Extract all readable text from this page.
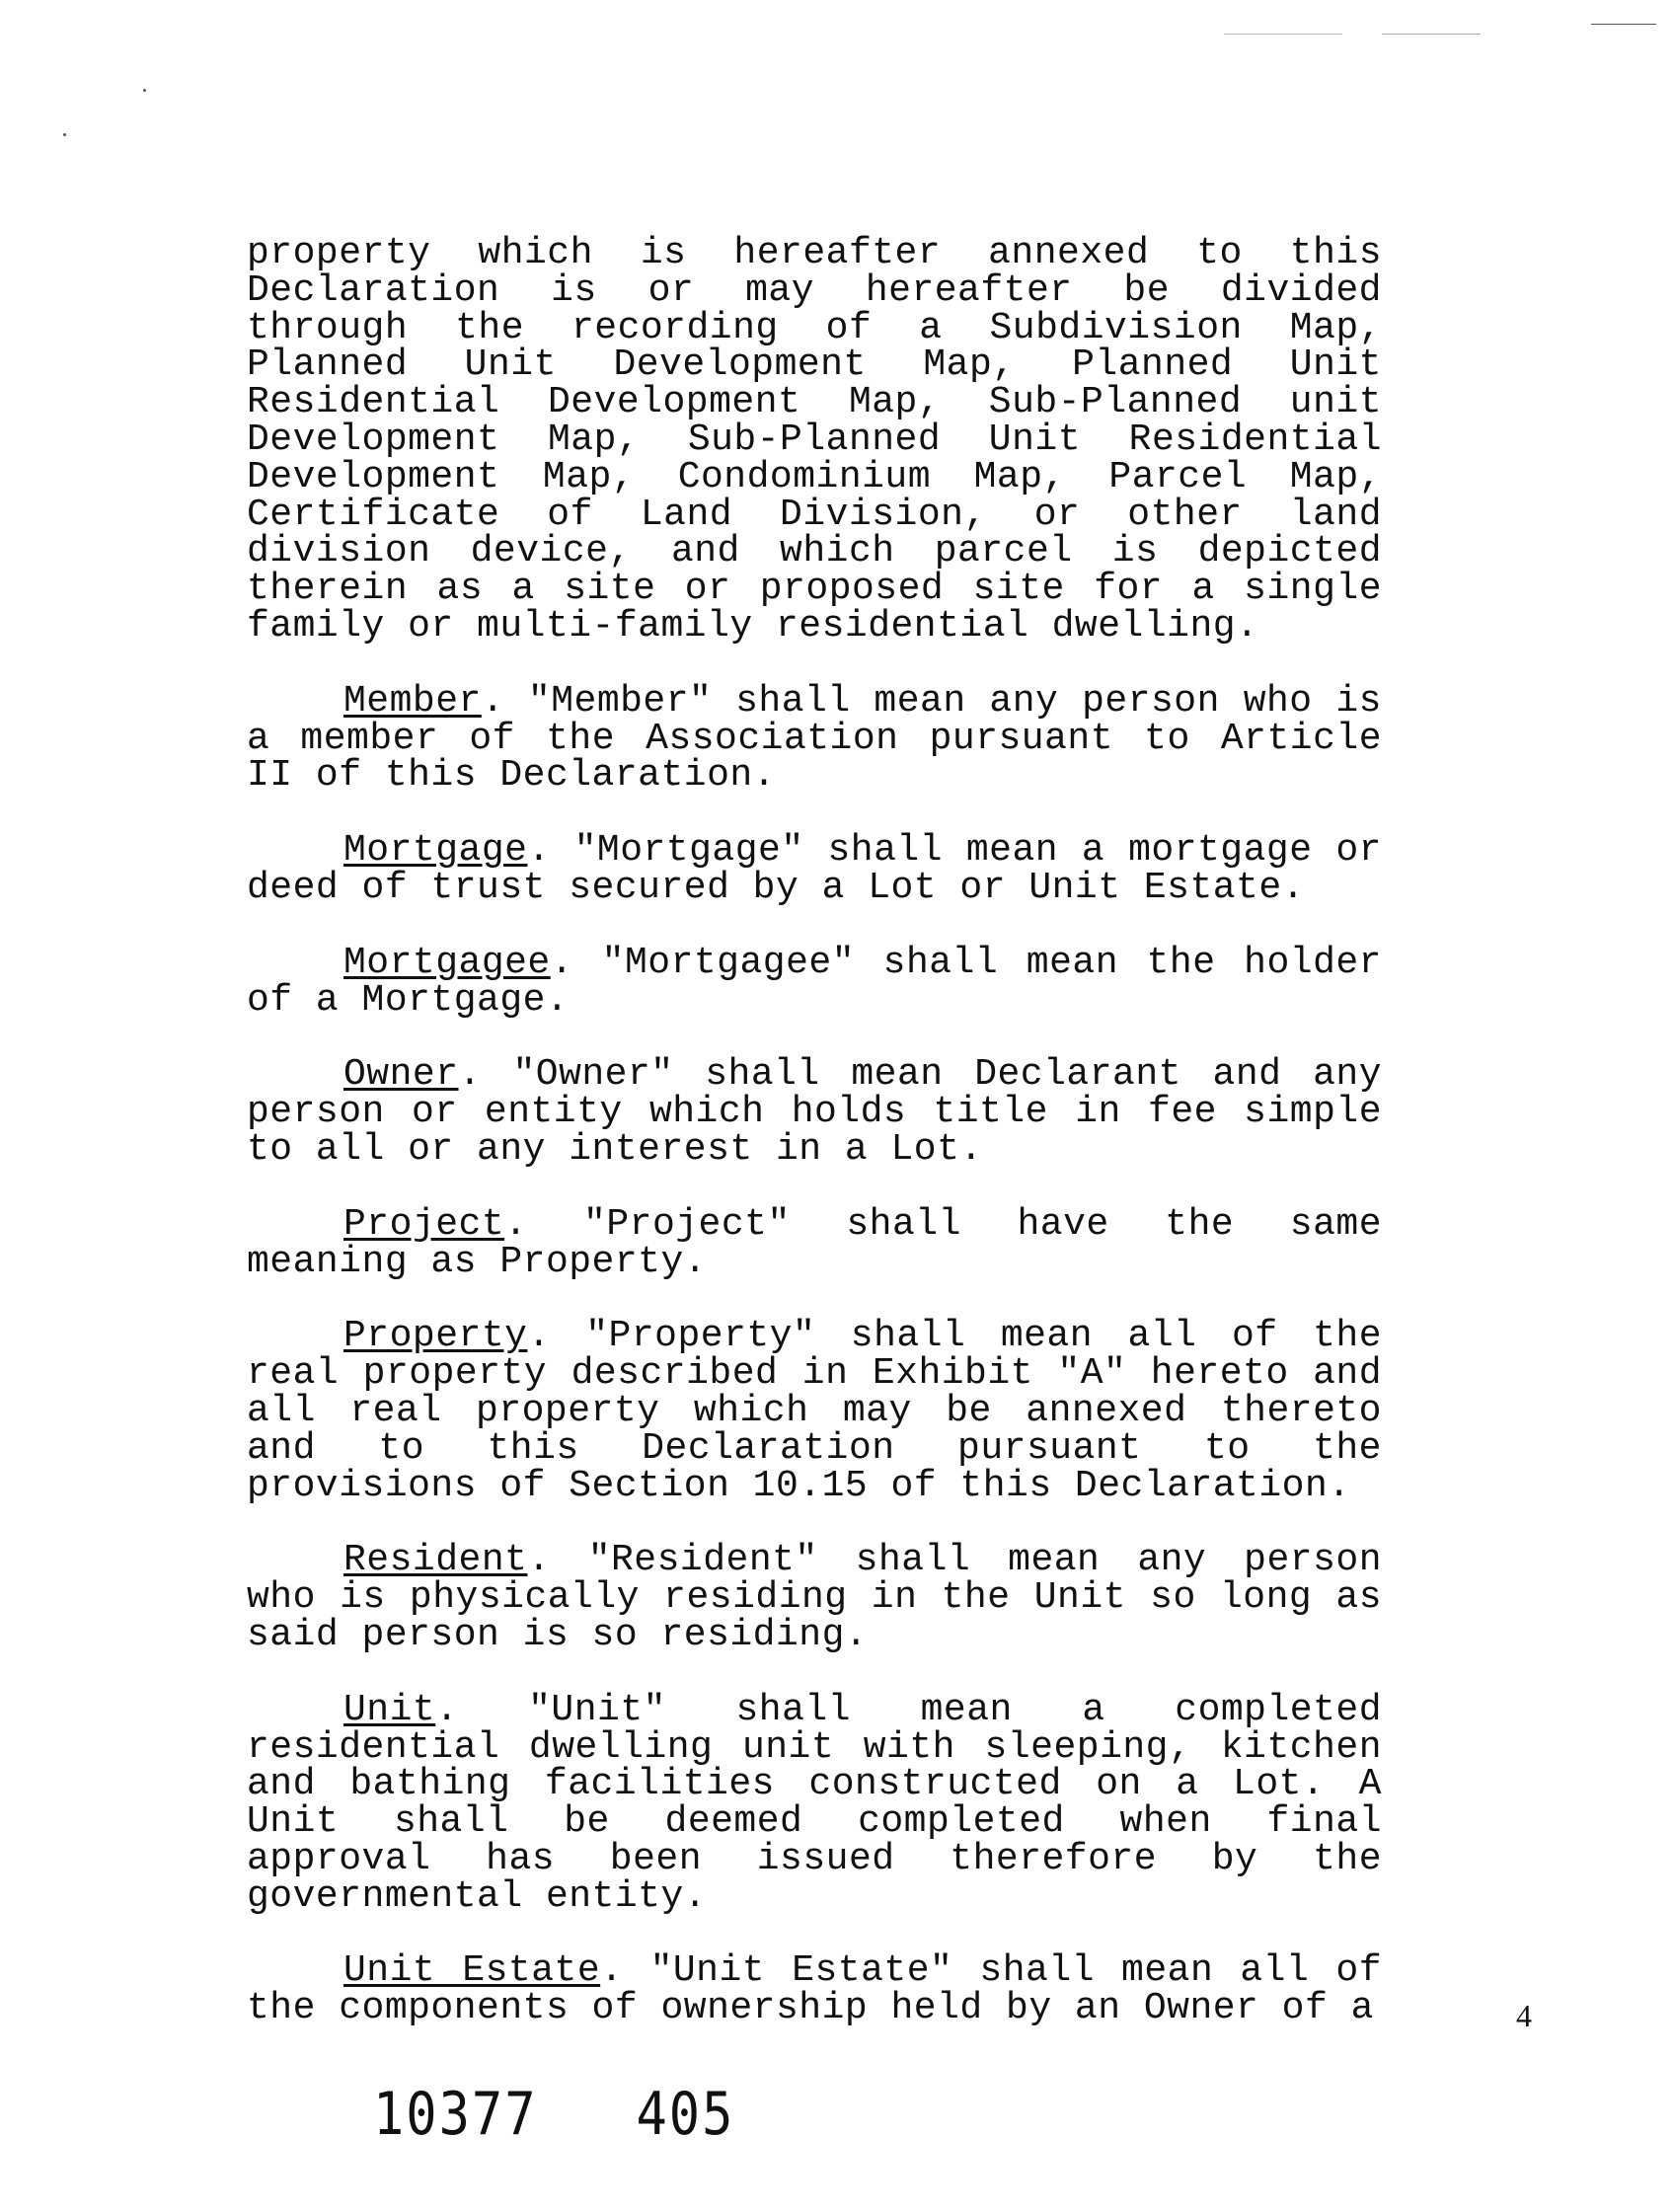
property which is hereafter annexed to this Declaration is or may hereafter be divided through the recording of a Subdivision Map, Planned Unit Development Map, Planned Unit Residential Development Map, Sub-Planned unit Development Map, Sub-Planned Unit Residential Development Map, Condominium Map, Parcel Map, Certificate of Land Division, or other land division device, and which parcel is depicted therein as a site or proposed site for a single family or multi-family residential dwelling.

Member. "Member" shall mean any person who is a member of the Association pursuant to Article II of this Declaration.

Mortgage. "Mortgage" shall mean a mortgage or deed of trust secured by a Lot or Unit Estate.

Mortgagee. "Mortgagee" shall mean the holder of a Mortgage.

Owner. "Owner" shall mean Declarant and any person or entity which holds title in fee simple to all or any interest in a Lot.

Project. "Project" shall have the same meaning as Property.

Property. "Property" shall mean all of the real property described in Exhibit "A" hereto and all real property which may be annexed thereto and to this Declaration pursuant to the provisions of Section 10.15 of this Declaration.

Resident. "Resident" shall mean any person who is physically residing in the Unit so long as said person is so residing.

Unit. "Unit" shall mean a completed residential dwelling unit with sleeping, kitchen and bathing facilities constructed on a Lot. A Unit shall be deemed completed when final approval has been issued therefore by the governmental entity.

Unit Estate. "Unit Estate" shall mean all of the components of ownership held by an Owner of a	4
10377   405
